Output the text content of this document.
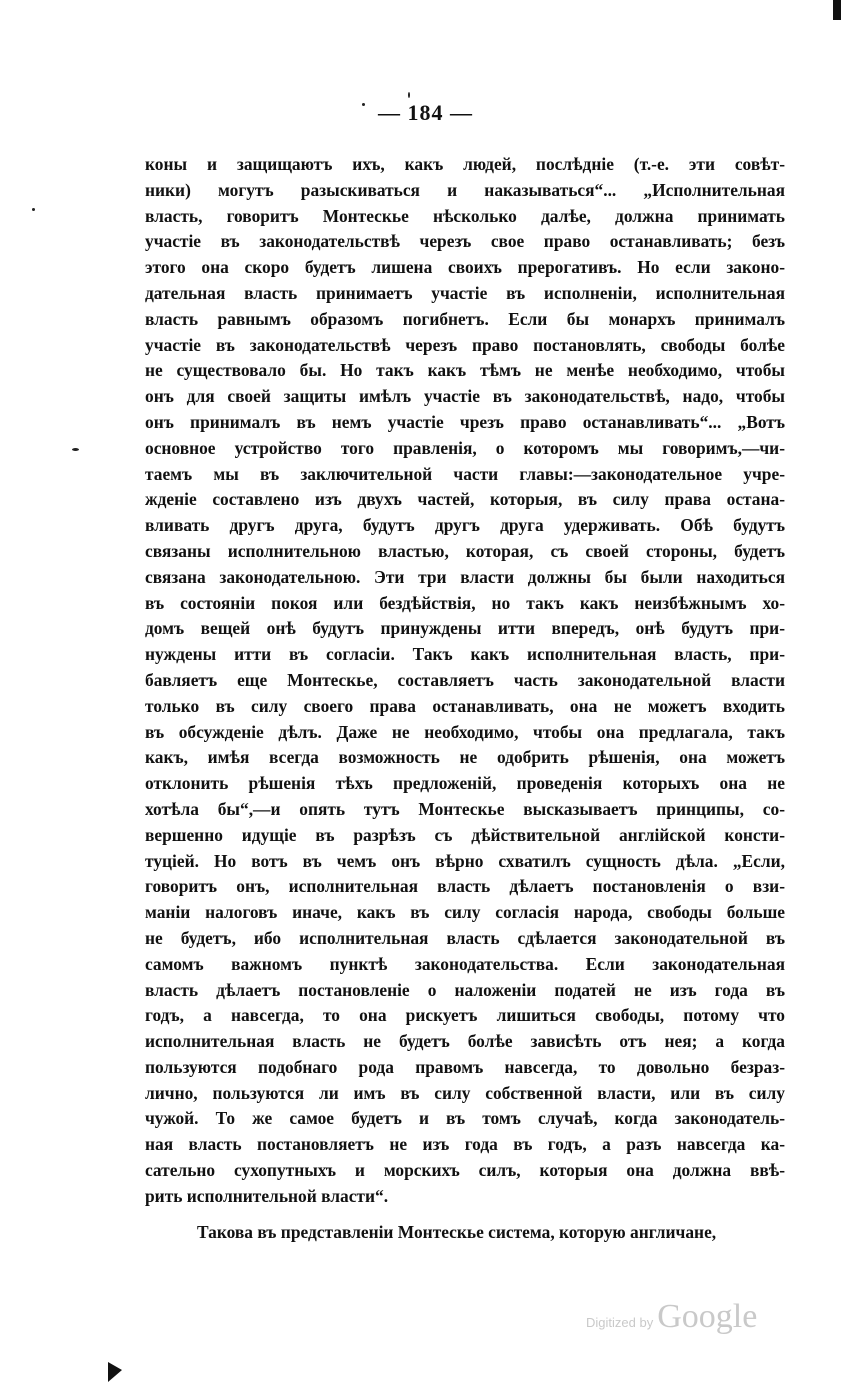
— 184 —
коны и защищаютъ ихъ, какъ людей, послѣдніе (т.-е. эти совѣт-
ники) могутъ разыскиваться и наказываться“... „Исполнительная
власть, говоритъ Монтескье нѣсколько далѣе, должна принимать
участіе въ законодательствѣ черезъ свое право останавливать; безъ
этого она скоро будетъ лишена своихъ прерогативъ. Но если законо-
дательная власть принимаетъ участіе въ исполненіи, исполнительная
власть равнымъ образомъ погибнетъ. Если бы монархъ принималъ
участіе въ законодательствѣ черезъ право постановлять, свободы болѣе
не существовало бы. Но такъ какъ тѣмъ не менѣе необходимо, чтобы
онъ для своей защиты имѣлъ участіе въ законодательствѣ, надо, чтобы
онъ принималъ въ немъ участіе чрезъ право останавливать“... „Вотъ
основное устройство того правленія, о которомъ мы говоримъ,—чи-
таемъ мы въ заключительной части главы:—законодательное учре-
жденіе составлено изъ двухъ частей, которыя, въ силу права остана-
вливать другъ друга, будутъ другъ друга удерживать. Обѣ будутъ
связаны исполнительною властью, которая, съ своей стороны, будетъ
связана законодательною. Эти три власти должны бы были находиться
въ состояніи покоя или бездѣйствія, но такъ какъ неизбѣжнымъ хо-
домъ вещей онѣ будутъ принуждены итти впередъ, онѣ будутъ при-
нуждены итти въ согласіи. Такъ какъ исполнительная власть, при-
бавляетъ еще Монтескье, составляетъ часть законодательной власти
только въ силу своего права останавливать, она не можетъ входить
въ обсужденіе дѣлъ. Даже не необходимо, чтобы она предлагала, такъ
какъ, имѣя всегда возможность не одобрить рѣшенія, она можетъ
отклонить рѣшенія тѣхъ предложеній, проведенія которыхъ она не
хотѣла бы“,—и опять тутъ Монтескье высказываетъ принципы, со-
вершенно идущіе въ разрѣзъ съ дѣйствительной англійской консти-
туціей. Но вотъ въ чемъ онъ вѣрно схватилъ сущность дѣла. „Если,
говоритъ онъ, исполнительная власть дѣлаетъ постановленія о взи-
маніи налоговъ иначе, какъ въ силу согласія народа, свободы больше
не будетъ, ибо исполнительная власть сдѣлается законодательной въ
самомъ важномъ пунктѣ законодательства. Если законодательная
власть дѣлаетъ постановленіе о наложеніи податей не изъ года въ
годъ, а навсегда, то она рискуетъ лишиться свободы, потому что
исполнительная власть не будетъ болѣе зависѣть отъ нея; а когда
пользуются подобнаго рода правомъ навсегда, то довольно безраз-
лично, пользуются ли имъ въ силу собственной власти, или въ силу
чужой. То же самое будетъ и въ томъ случаѣ, когда законодатель-
ная власть постановляетъ не изъ года въ годъ, а разъ навсегда ка-
сательно сухопутныхъ и морскихъ силъ, которыя она должна ввѣ-
рить исполнительной власти“.
Такова въ представленіи Монтескье система, которую англичане,
Digitized by Google
